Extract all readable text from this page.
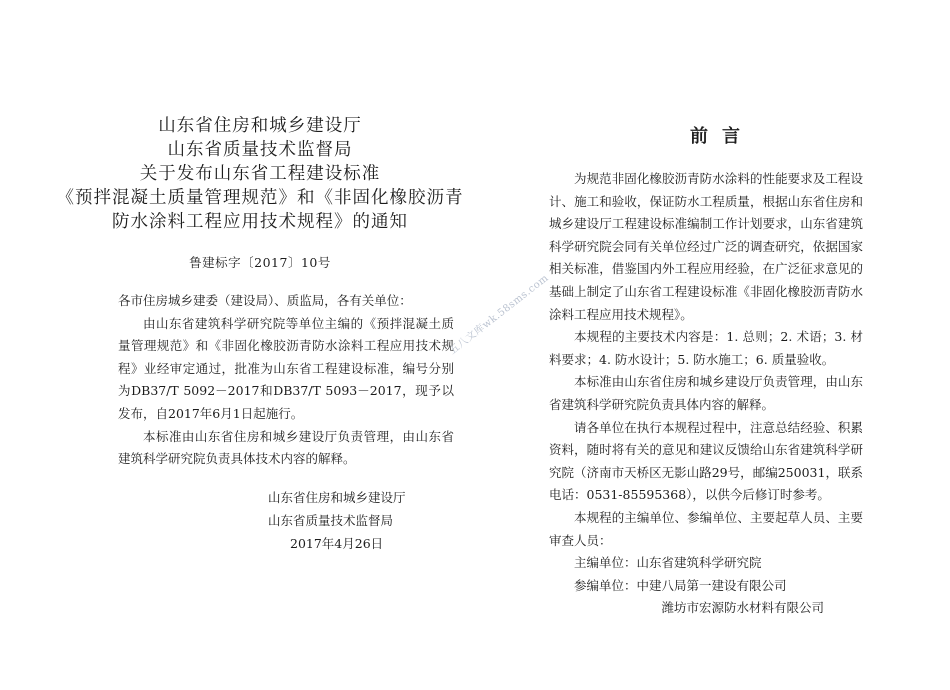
山东省住房和城乡建设厅
山东省质量技术监督局
关于发布山东省工程建设标准
《预拌混凝土质量管理规范》和《非固化橡胶沥青
防水涂料工程应用技术规程》的通知
鲁建标字〔2017〕10号

各市住房城乡建委（建设局）、质监局，各有关单位：

由山东省建筑科学研究院等单位主编的《预拌混凝土质量管理规范》和《非固化橡胶沥青防水涂料工程应用技术规程》业经审定通过，批准为山东省工程建设标准，编号分别为DB37/T 5092－2017和DB37/T 5093－2017，现予以发布，自2017年6月1日起施行。

本标准由山东省住房和城乡建设厅负责管理，由山东省建筑科学研究院负责具体技术内容的解释。

山东省住房和城乡建设厅
山东省质量技术监督局
2017年4月26日
前言

为规范非固化橡胶沥青防水涂料的性能要求及工程设计、施工和验收，保证防水工程质量，根据山东省住房和城乡建设厅工程建设标准编制工作计划要求，山东省建筑科学研究院会同有关单位经过广泛的调查研究，依据国家相关标准，借鉴国内外工程应用经验，在广泛征求意见的基础上制定了山东省工程建设标准《非固化橡胶沥青防水涂料工程应用技术规程》。

本规程的主要技术内容是：1. 总则；2. 术语；3. 材料要求；4. 防水设计；5. 防水施工；6. 质量验收。

本标准由山东省住房和城乡建设厅负责管理，由山东省建筑科学研究院负责具体内容的解释。

请各单位在执行本规程过程中，注意总结经验、积累资料，随时将有关的意见和建议反馈给山东省建筑科学研究院（济南市天桥区无影山路29号，邮编250031，联系电话：0531-85595368），以供今后修订时参考。

本规程的主编单位、参编单位、主要起草人员、主要审查人员：

主编单位：山东省建筑科学研究院

参编单位：中建八局第一建设有限公司

潍坊市宏源防水材料有限公司

五八文库wk.58sms.com
